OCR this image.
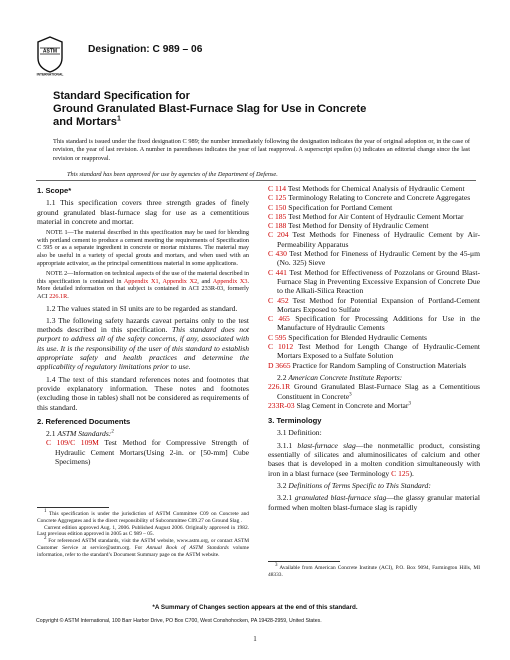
ASTM
INTERNATIONAL
Designation: C 989 – 06
Standard Specification for
Ground Granulated Blast-Furnace Slag for Use in Concrete
and Mortars$^1$
This standard is issued under the fixed designation C 989; the number immediately following the designation indicates the year of original adoption or, in the case of revision, the year of last revision. A number in parentheses indicates the year of last reapproval. A superscript epsilon (ε) indicates an editorial change since the last revision or reapproval.
This standard has been approved for use by agencies of the Department of Defense.

1. Scope*

1.1 This specification covers three strength grades of finely ground granulated blast-furnace slag for use as a cementitious material in concrete and mortar.

NOTE 1—The material described in this specification may be used for blending with portland cement to produce a cement meeting the requirements of Specification C 595 or as a separate ingredient in concrete or mortar mixtures. The material may also be useful in a variety of special grouts and mortars, and when used with an appropriate activator, as the principal cementitious material in some applications.

NOTE 2—Information on technical aspects of the use of the material described in this specification is contained in Appendix X1, Appendix X2, and Appendix X3. More detailed information on that subject is contained in ACI 233R-03, formerly ACI 226.1R.

1.2 The values stated in SI units are to be regarded as standard.

1.3 The following safety hazards caveat pertains only to the test methods described in this specification. This standard does not purport to address all of the safety concerns, if any, associated with its use. It is the responsibility of the user of this standard to establish appropriate safety and health practices and determine the applicability of regulatory limitations prior to use.

1.4 The text of this standard references notes and footnotes that provide explanatory information. These notes and footnotes (excluding those in tables) shall not be considered as requirements of this standard.

2. Referenced Documents

2.1 ASTM Standards:$^2$

C 109/C 109M Test Method for Compressive Strength of Hydraulic Cement Mortars(Using 2-in. or [50-mm] Cube Specimens)

C 114 Test Methods for Chemical Analysis of Hydraulic Cement

C 125 Terminology Relating to Concrete and Concrete Aggregates

C 150 Specification for Portland Cement

C 185 Test Method for Air Content of Hydraulic Cement Mortar

C 188 Test Method for Density of Hydraulic Cement

C 204 Test Methods for Fineness of Hydraulic Cement by Air-Permeability Apparatus

C 430 Test Method for Fineness of Hydraulic Cement by the 45-μm (No. 325) Sieve

C 441 Test Method for Effectiveness of Pozzolans or Ground Blast-Furnace Slag in Preventing Excessive Expansion of Concrete Due to the Alkali-Silica Reaction

C 452 Test Method for Potential Expansion of Portland-Cement Mortars Exposed to Sulfate

C 465 Specification for Processing Additions for Use in the Manufacture of Hydraulic Cements

C 595 Specification for Blended Hydraulic Cements

C 1012 Test Method for Length Change of Hydraulic-Cement Mortars Exposed to a Sulfate Solution

D 3665 Practice for Random Sampling of Construction Materials

2.2 American Concrete Institute Reports:

226.1R Ground Granulated Blast-Furnace Slag as a Cementitious Constituent in Concrete$^3$

233R-03 Slag Cement in Concrete and Mortar$^3$

3. Terminology

3.1 Definition:

3.1.1 blast-furnace slag—the nonmetallic product, consisting essentially of silicates and aluminosilicates of calcium and other bases that is developed in a molten condition simultaneously with iron in a blast furnace (see Terminology C 125).

3.2 Definitions of Terms Specific to This Standard:

3.2.1 granulated blast-furnace slag—the glassy granular material formed when molten blast-furnace slag is rapidly

$^1$ This specification is under the jurisdiction of ASTM Committee C09 on Concrete and Concrete Aggregates and is the direct responsibility of Subcommittee C09.27 on Ground Slag .

Current edition approved Aug. 1, 2006. Published August 2006. Originally approved in 1982. Last previous edition approved in 2005 as C 989 – 05.

$^2$ For referenced ASTM standards, visit the ASTM website, www.astm.org, or contact ASTM Customer Service at service@astm.org. For Annual Book of ASTM Standards volume information, refer to the standard’s Document Summary page on the ASTM website.

$^3$ Available from American Concrete Institute (ACI), P.O. Box 9094, Farmington Hills, MI 48333.

*A Summary of Changes section appears at the end of this standard.
Copyright © ASTM International, 100 Barr Harbor Drive, PO Box C700, West Conshohocken, PA 19428-2959, United States.
1
